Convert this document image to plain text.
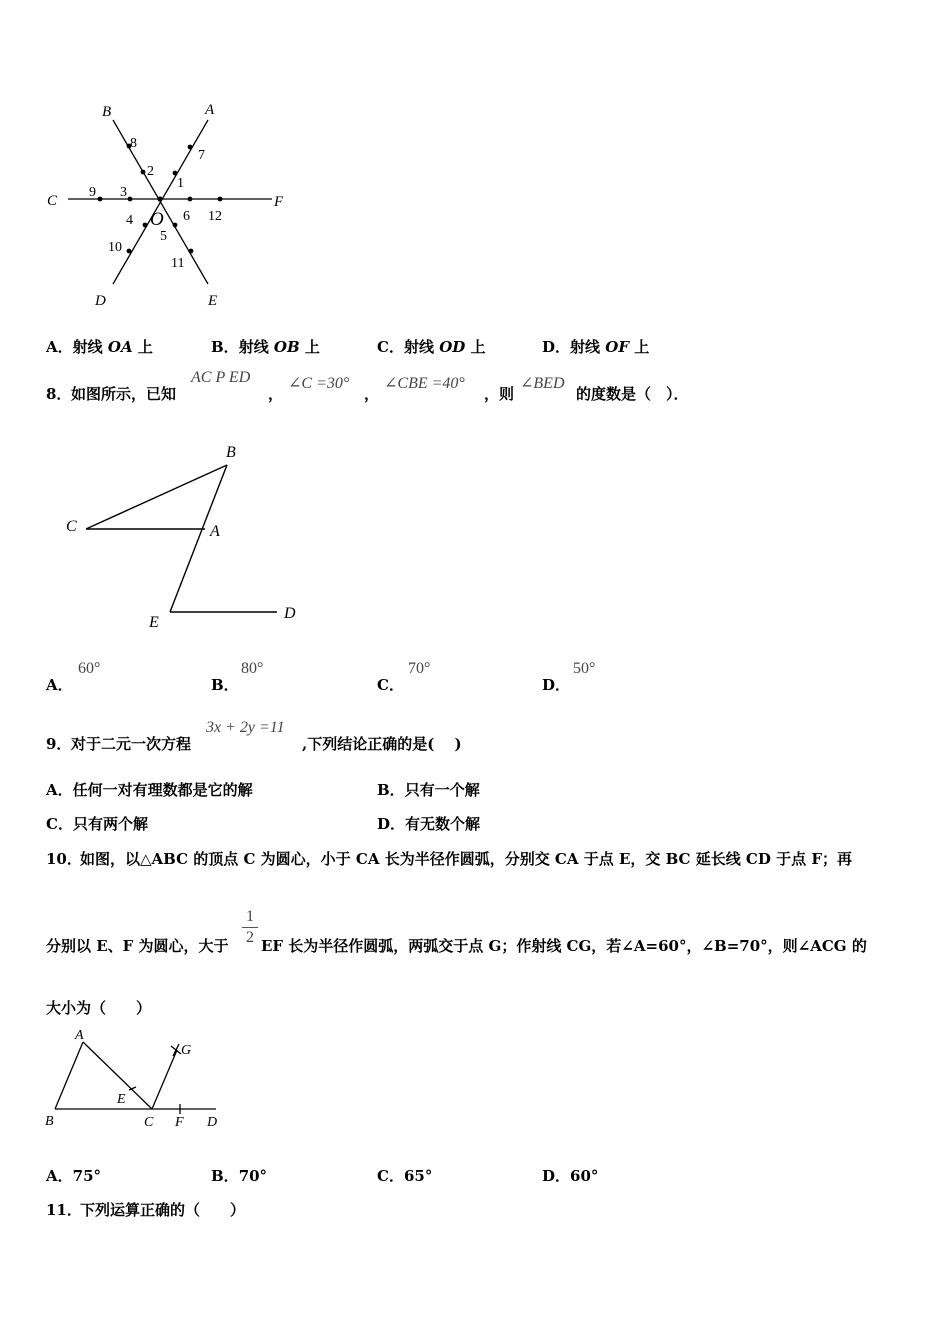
B	A
C	F
D	E
O
1
2
3
4
5
6
7
8
9
10
11
12
A．射线 OA 上	B．射线 OB 上	C．射线 OD 上	D．射线 OF 上
8． 如图所示，已知
AC P ED
，
∠C =30°
，
∠CBE =40°
，则
∠BED
的度数是（　）．
B
C	A
E
D
A．
60°
B．
80°
C．
70°
D．
50°
9． 对于二元一次方程
3x + 2y =11
,下列结论正确的是(　 )
A．任何一对有理数都是它的解	B．只有一个解
C．只有两个解	D．有无数个解
10．
如图，以△ABC 的顶点 C 为圆心，小于 CA 长为半径作圆弧，分别交 CA 于点 E，交 BC 延长线 CD 于点 F；再
分别以 E、F 为圆心，大于
1
2 EF 长为半径作圆弧，两弧交于点 G；作射线 CG，若∠A=60°，∠B=70°，则∠ACG 的
大小为（　　）
A
B	C F D
E
G
A．75°	B．70°	C．65°	D．60°
11．
下列运算正确的（　　）
